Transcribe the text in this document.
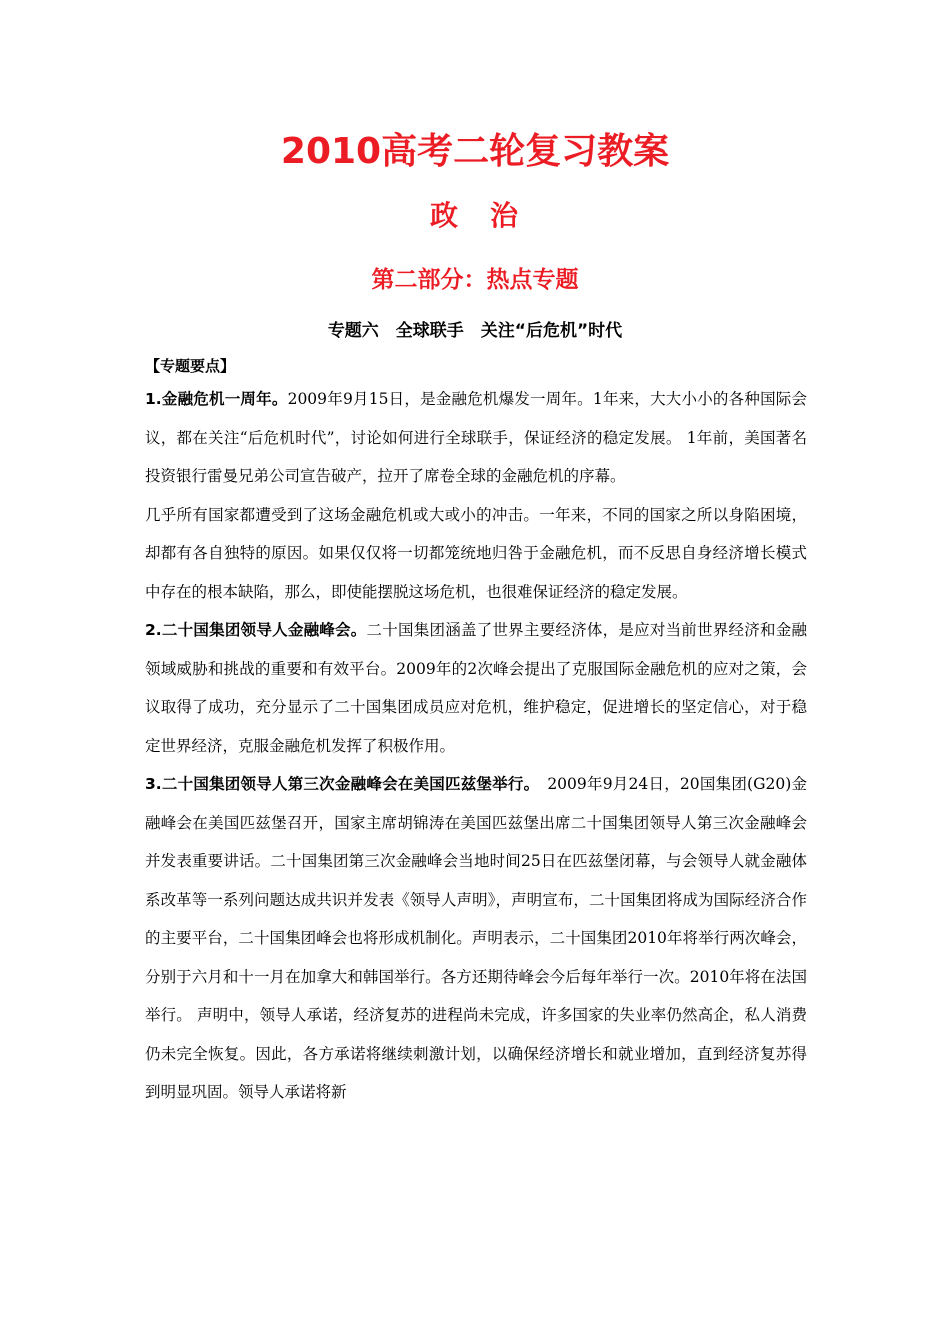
2010高考二轮复习教案
政　治
第二部分：热点专题
专题六　全球联手　关注“后危机”时代
【专题要点】

1.金融危机一周年。2009年9月15日，是金融危机爆发一周年。1年来，大大小小的各种国际会议，都在关注“后危机时代”，讨论如何进行全球联手，保证经济的稳定发展。 1年前，美国著名投资银行雷曼兄弟公司宣告破产，拉开了席卷全球的金融危机的序幕。

几乎所有国家都遭受到了这场金融危机或大或小的冲击。一年来，不同的国家之所以身陷困境，却都有各自独特的原因。如果仅仅将一切都笼统地归咎于金融危机，而不反思自身经济增长模式中存在的根本缺陷，那么，即使能摆脱这场危机，也很难保证经济的稳定发展。

2.二十国集团领导人金融峰会。二十国集团涵盖了世界主要经济体，是应对当前世界经济和金融领域威胁和挑战的重要和有效平台。2009年的2次峰会提出了克服国际金融危机的应对之策，会议取得了成功，充分显示了二十国集团成员应对危机，维护稳定，促进增长的坚定信心，对于稳定世界经济，克服金融危机发挥了积极作用。

3.二十国集团领导人第三次金融峰会在美国匹兹堡举行。　2009年9月24日，20国集团(G20)金融峰会在美国匹兹堡召开，国家主席胡锦涛在美国匹兹堡出席二十国集团领导人第三次金融峰会并发表重要讲话。二十国集团第三次金融峰会当地时间25日在匹兹堡闭幕，与会领导人就金融体系改革等一系列问题达成共识并发表《领导人声明》，声明宣布，二十国集团将成为国际经济合作的主要平台，二十国集团峰会也将形成机制化。声明表示，二十国集团2010年将举行两次峰会，分别于六月和十一月在加拿大和韩国举行。各方还期待峰会今后每年举行一次。2010年将在法国举行。 声明中，领导人承诺，经济复苏的进程尚未完成，许多国家的失业率仍然高企，私人消费仍未完全恢复。因此，各方承诺将继续刺激计划，以确保经济增长和就业增加，直到经济复苏得到明显巩固。领导人承诺将新
